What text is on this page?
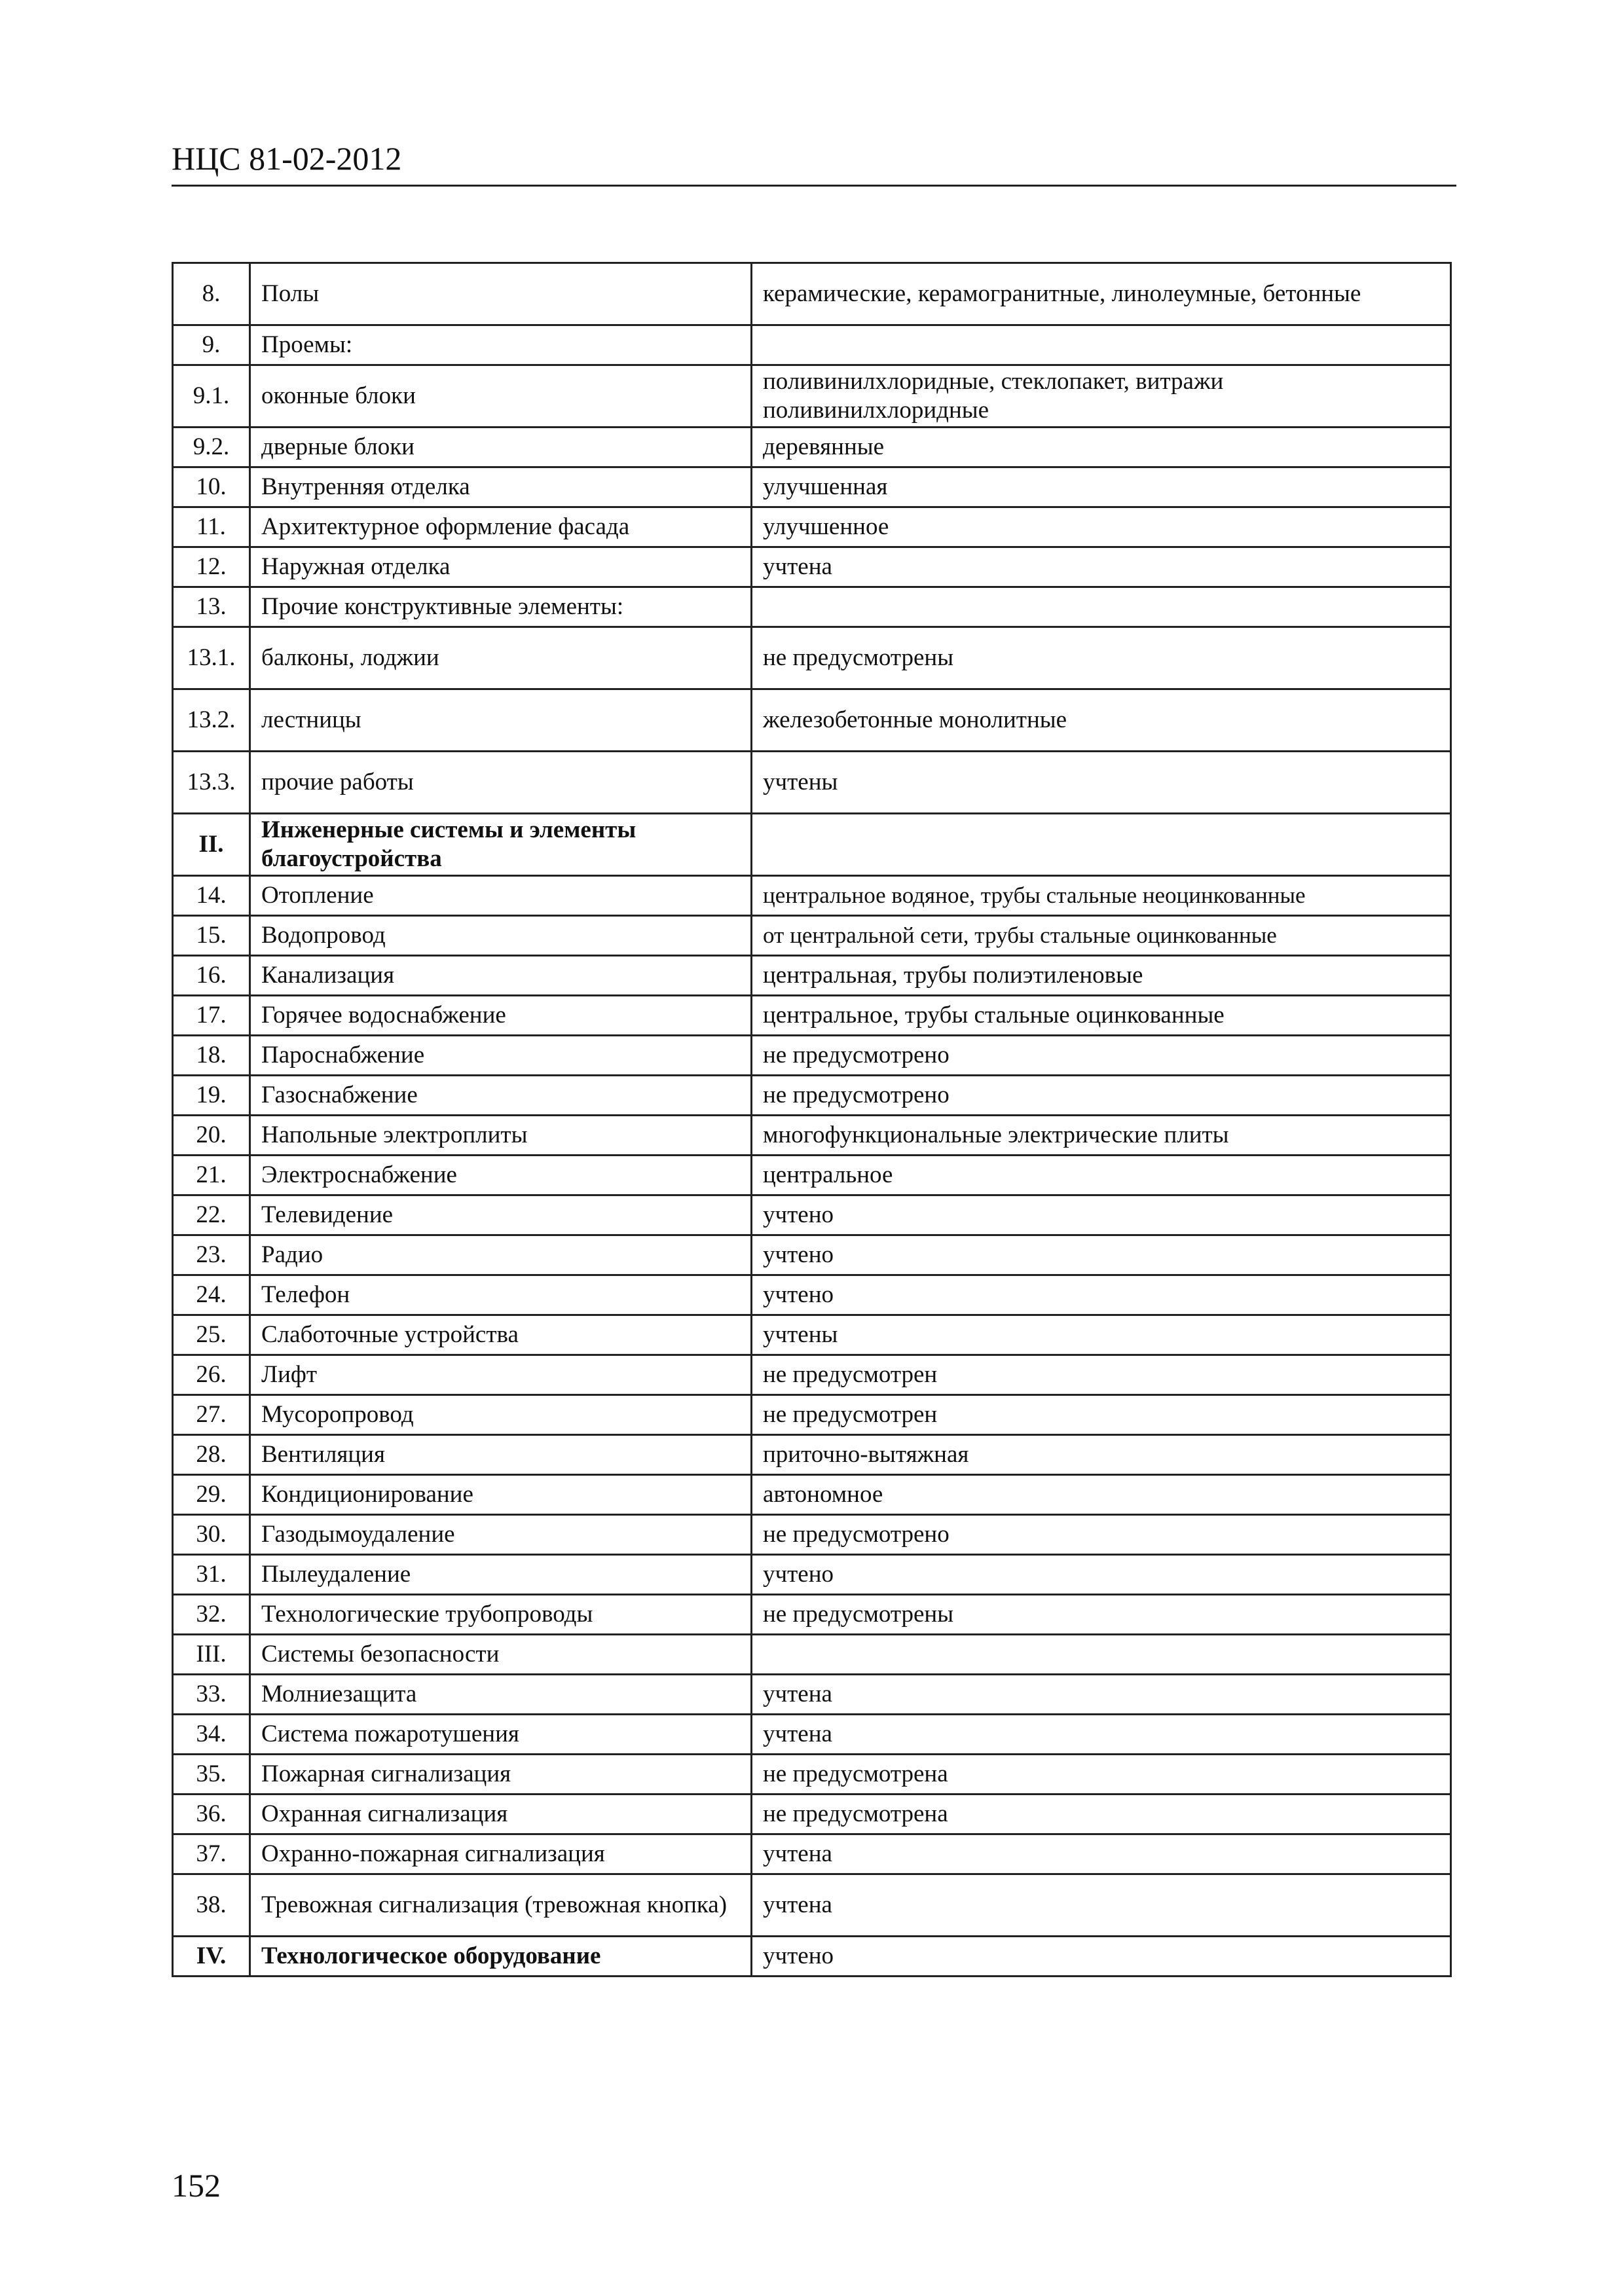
НЦС 81-02-2012
8.	Полы	керамические, керамогранитные, линолеумные, бетонные
9.	Проемы:	
9.1.	оконные блоки	поливинилхлоридные, стеклопакет, витражи поливинилхлоридные
9.2.	дверные блоки	деревянные
10.	Внутренняя отделка	улучшенная
11.	Архитектурное оформление фасада	улучшенное
12.	Наружная отделка	учтена
13.	Прочие конструктивные элементы:	
13.1.	балконы, лоджии	не предусмотрены
13.2.	лестницы	железобетонные монолитные
13.3.	прочие работы	учтены
II.	Инженерные системы и элементы благоустройства	
14.	Отопление	центральное водяное, трубы стальные неоцинкованные
15.	Водопровод	от центральной сети, трубы стальные оцинкованные
16.	Канализация	центральная, трубы полиэтиленовые
17.	Горячее водоснабжение	центральное, трубы стальные оцинкованные
18.	Пароснабжение	не предусмотрено
19.	Газоснабжение	не предусмотрено
20.	Напольные электроплиты	многофункциональные электрические плиты
21.	Электроснабжение	центральное
22.	Телевидение	учтено
23.	Радио	учтено
24.	Телефон	учтено
25.	Слаботочные устройства	учтены
26.	Лифт	не предусмотрен
27.	Мусоропровод	не предусмотрен
28.	Вентиляция	приточно-вытяжная
29.	Кондиционирование	автономное
30.	Газодымоудаление	не предусмотрено
31.	Пылеудаление	учтено
32.	Технологические трубопроводы	не предусмотрены
III.	Системы безопасности	
33.	Молниезащита	учтена
34.	Система пожаротушения	учтена
35.	Пожарная сигнализация	не предусмотрена
36.	Охранная сигнализация	не предусмотрена
37.	Охранно-пожарная сигнализация	учтена
38.	Тревожная сигнализация (тревожная кнопка)	учтена
IV.	Технологическое оборудование	учтено
152
